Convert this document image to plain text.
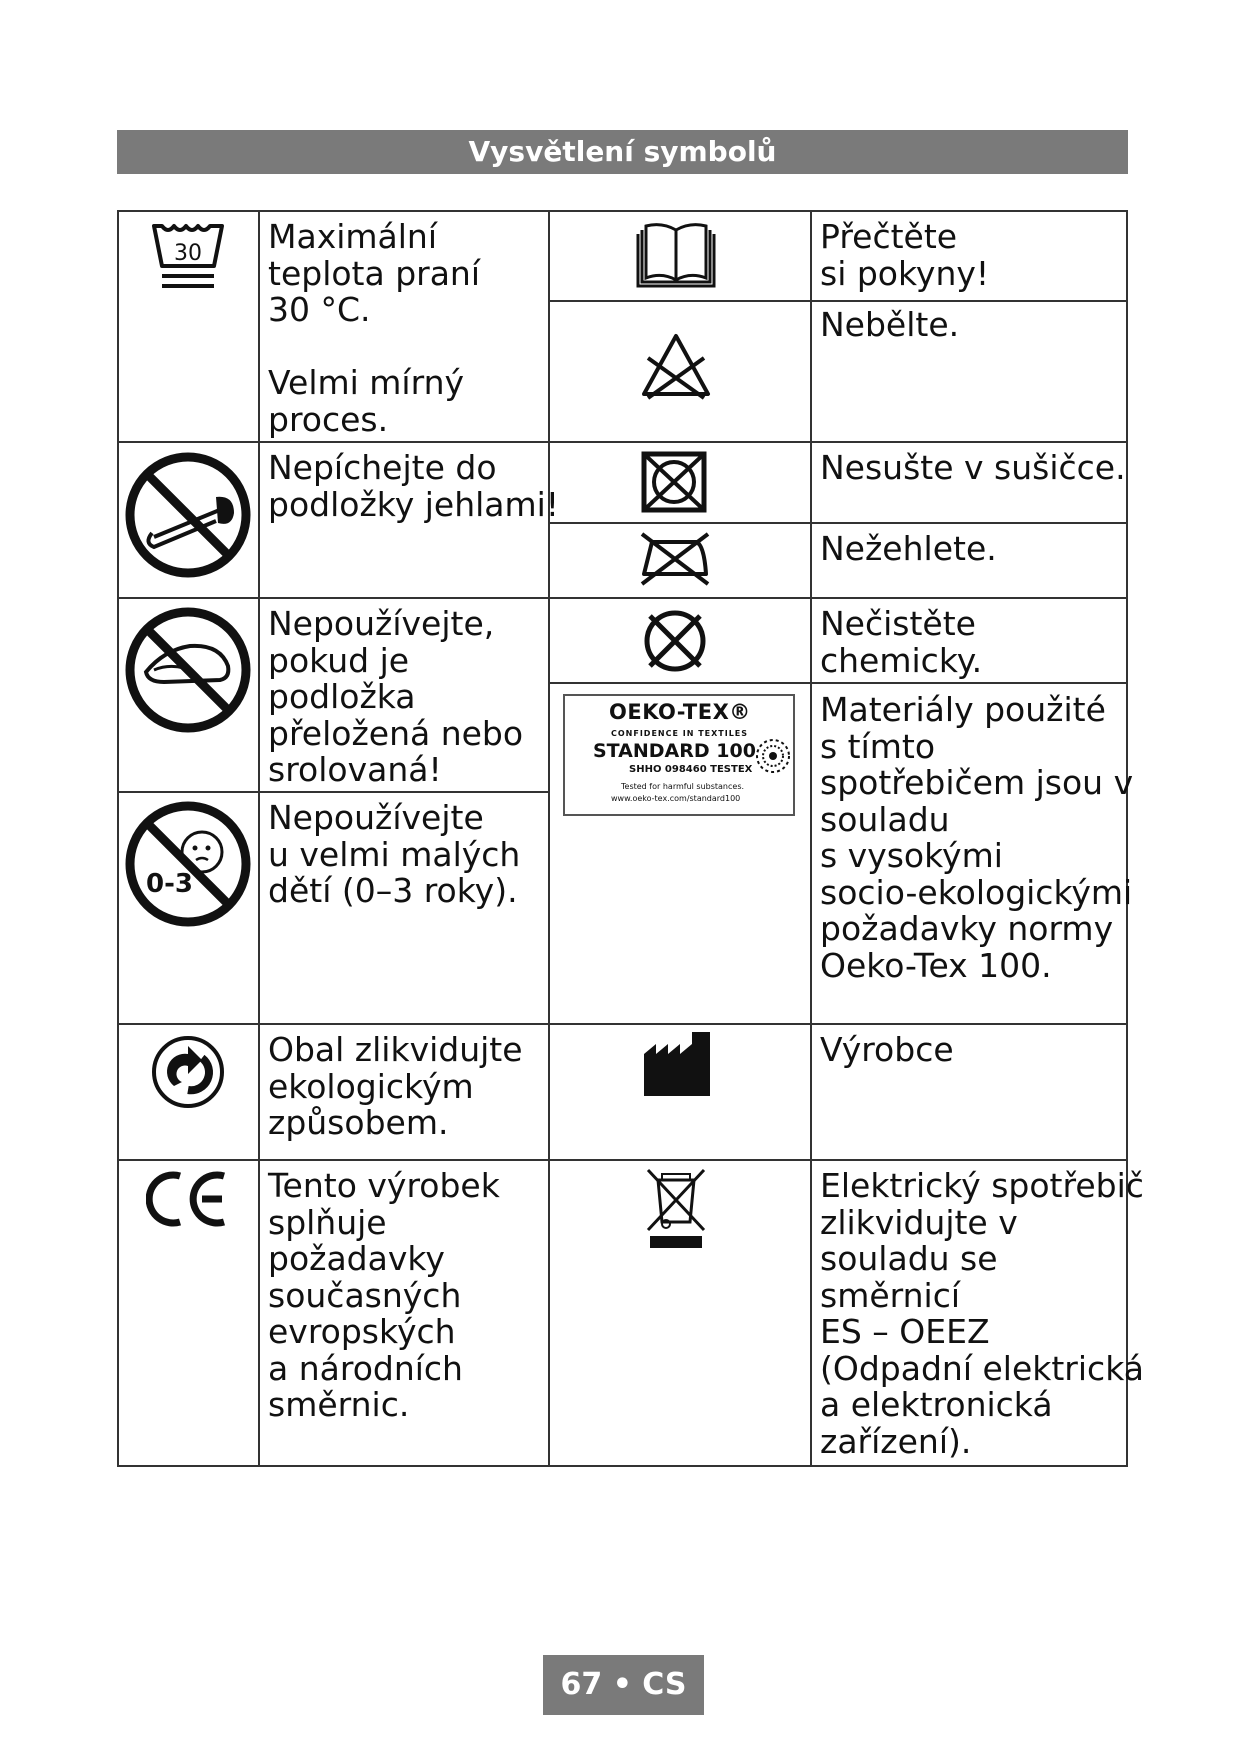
Vysvětlení symbolů
30
0-3
Maximální
teplota praní
30 °C.

Velmi mírný
proces.
Nepíchejte do
podložky jehlami!
Nepoužívejte,
pokud je
podložka
přeložená nebo
srolovaná!
Nepoužívejte
u velmi malých
dětí (0–3 roky).
Obal zlikvidujte
ekologickým
způsobem.
Tento výrobek
splňuje
požadavky
současných
evropských
a národních
směrnic.
OEKO-TEX®
CONFIDENCE IN TEXTILES
STANDARD 100
SHHO 098460 TESTEX
Tested for harmful substances.
www.oeko-tex.com/standard100
Přečtěte
si pokyny!
Nebělte.
Nesušte v sušičce.
Nežehlete.
Nečistěte
chemicky.
Materiály použité
s tímto
spotřebičem jsou v
souladu
s vysokými
socio-ekologickými
požadavky normy
Oeko-Tex 100.
Výrobce
Elektrický spotřebič
zlikvidujte v
souladu se
směrnicí
ES – OEEZ
(Odpadní elektrická
a elektronická
zařízení).
67 • CS
